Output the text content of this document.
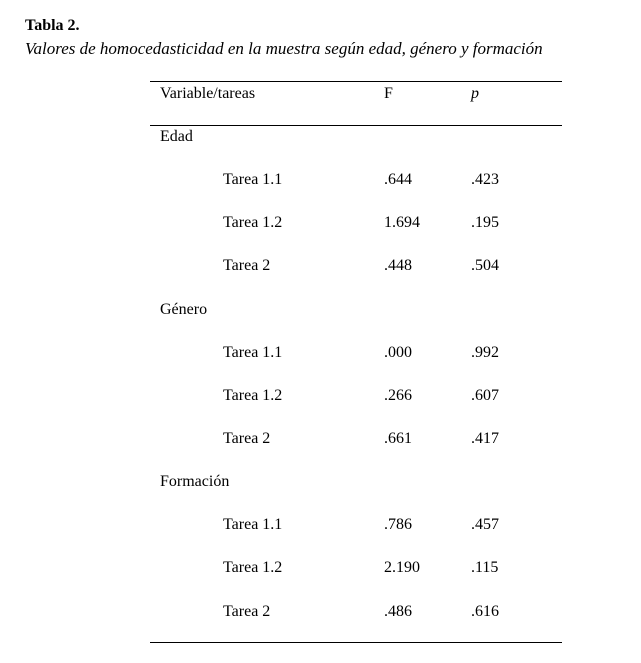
Tabla 2.
Valores de homocedasticidad en la muestra según edad, género y formación
Variable/tareas	F	p
Edad
Tarea 1.1	.644	.423
Tarea 1.2	1.694	.195
Tarea 2	.448	.504
Género
Tarea 1.1	.000	.992
Tarea 1.2	.266	.607
Tarea 2	.661	.417
Formación
Tarea 1.1	.786	.457
Tarea 1.2	2.190	.115
Tarea 2	.486	.616
